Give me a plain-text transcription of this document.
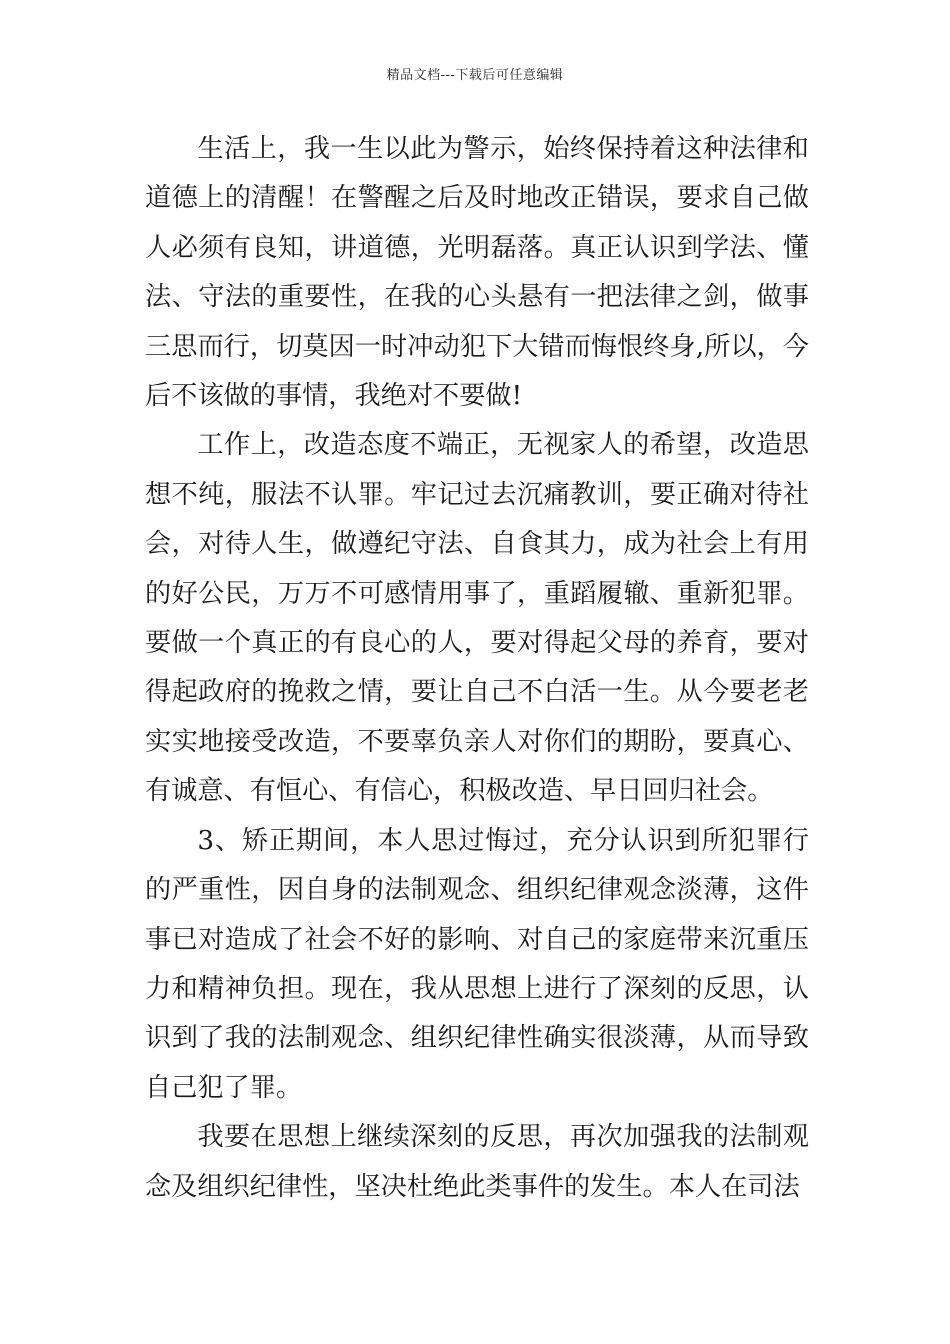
精品文档---下载后可任意编辑

生活上，我一生以此为警示，始终保持着这种法律和道德上的清醒！在警醒之后及时地改正错误，要求自己做人必须有良知，讲道德，光明磊落。真正认识到学法、懂法、守法的重要性，在我的心头悬有一把法律之剑，做事三思而行，切莫因一时冲动犯下大错而悔恨终身,所以，今后不该做的事情，我绝对不要做!

工作上，改造态度不端正，无视家人的希望，改造思想不纯，服法不认罪。牢记过去沉痛教训，要正确对待社会，对待人生，做遵纪守法、自食其力，成为社会上有用的好公民，万万不可感情用事了，重蹈履辙、重新犯罪。要做一个真正的有良心的人，要对得起父母的养育，要对得起政府的挽救之情，要让自己不白活一生。从今要老老实实地接受改造，不要辜负亲人对你们的期盼，要真心、有诚意、有恒心、有信心，积极改造、早日回归社会。

3、矫正期间，本人思过悔过，充分认识到所犯罪行的严重性，因自身的法制观念、组织纪律观念淡薄，这件事已对造成了社会不好的影响、对自己的家庭带来沉重压力和精神负担。现在，我从思想上进行了深刻的反思，认识到了我的法制观念、组织纪律性确实很淡薄，从而导致自己犯了罪。

我要在思想上继续深刻的反思，再次加强我的法制观念及组织纪律性，坚决杜绝此类事件的发生。本人在司法
